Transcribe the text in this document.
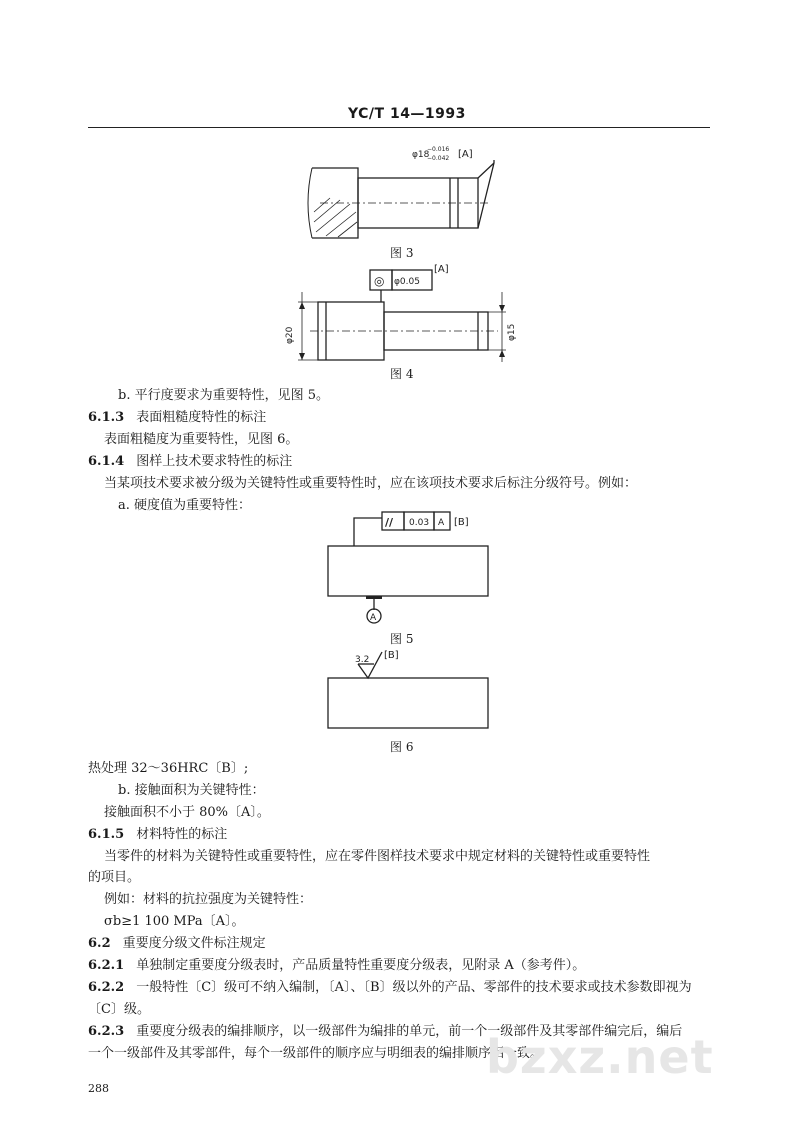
YC/T 14—1993
φ18
−0.016
−0.042 [A]
图 3
◎ φ0.05
[A]
φ20	φ15
图 4
b. 平行度要求为重要特性，见图 5。
6.1.3 表面粗糙度特性的标注
表面粗糙度为重要特性，见图 6。
6.1.4 图样上技术要求特性的标注
当某项技术要求被分级为关键特性或重要特性时，应在该项技术要求后标注分级符号。例如：
a. 硬度值为重要特性：
// 0.03 A [B]
A
图 5
3.2 [B]
图 6
热处理 32～36HRC〔B〕;
b. 接触面积为关键特性：
接触面积不小于 80%〔A〕。
6.1.5 材料特性的标注
当零件的材料为关键特性或重要特性，应在零件图样技术要求中规定材料的关键特性或重要特性
的项目。
例如：材料的抗拉强度为关键特性：
σb≥1 100 MPa〔A〕。
6.2 重要度分级文件标注规定
6.2.1 单独制定重要度分级表时，产品质量特性重要度分级表，见附录 A（参考件）。
6.2.2 一般特性〔C〕级可不纳入编制，〔A〕、〔B〕级以外的产品、零部件的技术要求或技术参数即视为
〔C〕级。
6.2.3 重要度分级表的编排顺序，以一级部件为编排的单元，前一个一级部件及其零部件编完后，编后
一个一级部件及其零部件，每个一级部件的顺序应与明细表的编排顺序相一致。
288
bzxz.net
